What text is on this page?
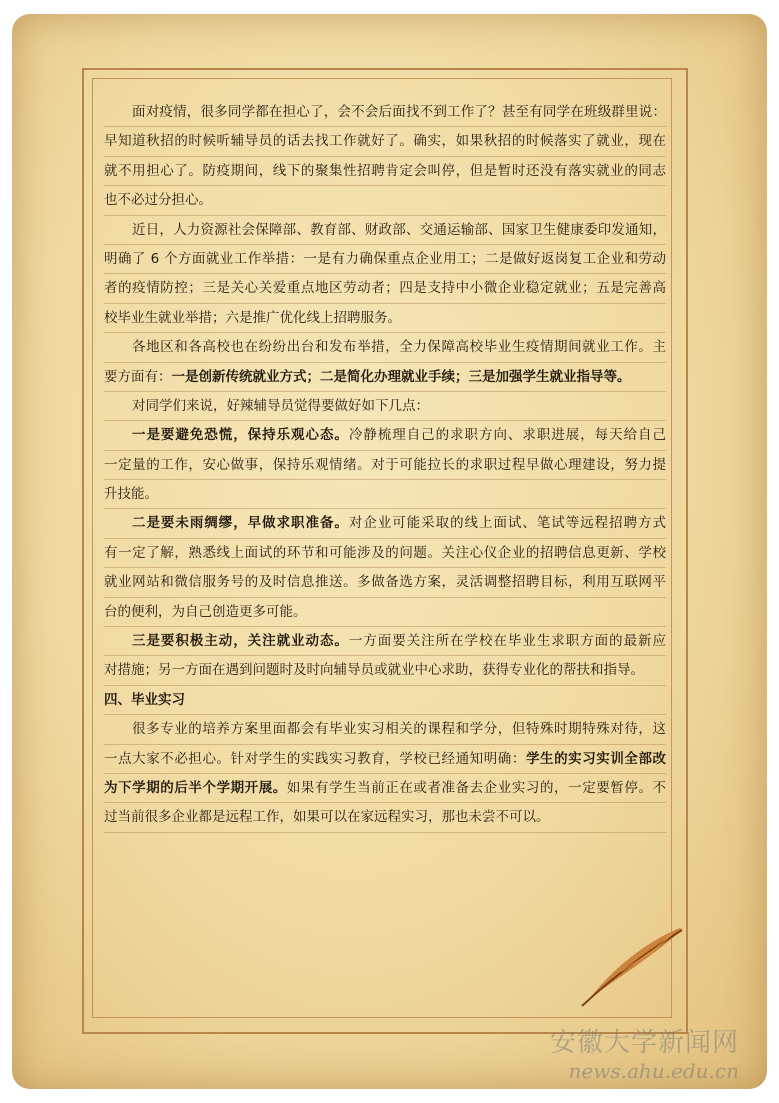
面对疫情，很多同学都在担心了，会不会后面找不到工作了？甚至有同学在班级群里说：
早知道秋招的时候听辅导员的话去找工作就好了。确实，如果秋招的时候落实了就业，现在
就不用担心了。防疫期间，线下的聚集性招聘肯定会叫停，但是暂时还没有落实就业的同志
也不必过分担心。
近日，人力资源社会保障部、教育部、财政部、交通运输部、国家卫生健康委印发通知，
明确了 6 个方面就业工作举措：一是有力确保重点企业用工；二是做好返岗复工企业和劳动
者的疫情防控；三是关心关爱重点地区劳动者；四是支持中小微企业稳定就业；五是完善高
校毕业生就业举措；六是推广优化线上招聘服务。
各地区和各高校也在纷纷出台和发布举措，全力保障高校毕业生疫情期间就业工作。主
要方面有：一是创新传统就业方式；二是简化办理就业手续；三是加强学生就业指导等。
对同学们来说，好辣辅导员觉得要做好如下几点：
一是要避免恐慌，保持乐观心态。冷静梳理自己的求职方向、求职进展，每天给自己
一定量的工作，安心做事，保持乐观情绪。对于可能拉长的求职过程早做心理建设，努力提
升技能。
二是要未雨绸缪，早做求职准备。对企业可能采取的线上面试、笔试等远程招聘方式
有一定了解，熟悉线上面试的环节和可能涉及的问题。关注心仪企业的招聘信息更新、学校
就业网站和微信服务号的及时信息推送。多做备选方案，灵活调整招聘目标，利用互联网平
台的便利，为自己创造更多可能。
三是要积极主动，关注就业动态。一方面要关注所在学校在毕业生求职方面的最新应
对措施；另一方面在遇到问题时及时向辅导员或就业中心求助，获得专业化的帮扶和指导。
四、毕业实习
很多专业的培养方案里面都会有毕业实习相关的课程和学分，但特殊时期特殊对待，这
一点大家不必担心。针对学生的实践实习教育，学校已经通知明确：学生的实习实训全部改
为下学期的后半个学期开展。如果有学生当前正在或者准备去企业实习的，一定要暂停。不
过当前很多企业都是远程工作，如果可以在家远程实习，那也未尝不可以。
安徽大学新闻网
news.ahu.edu.cn
